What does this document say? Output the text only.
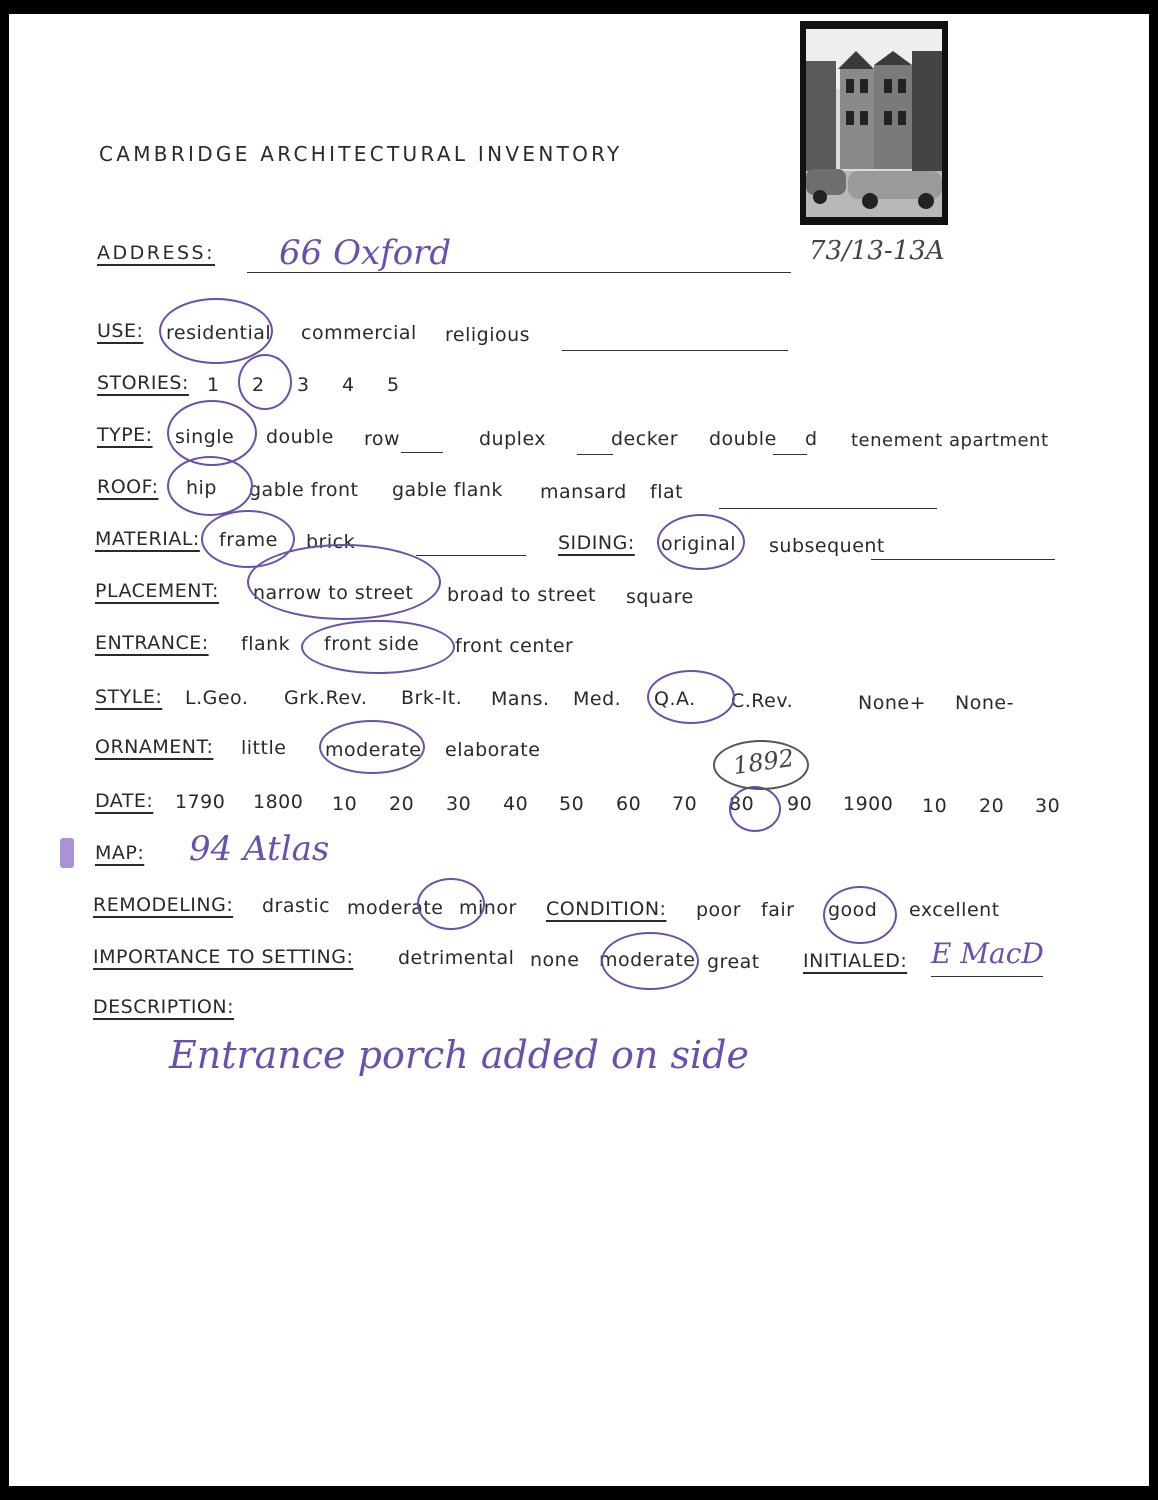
CAMBRIDGE ARCHITECTURAL INVENTORY
73/13-13A
ADDRESS: 66 Oxford
USE: residential commercial religious
STORIES: 1 2 3 4 5
TYPE: single double row	duplex	decker double d tenement apartment
ROOF: hip gable front gable flank mansard flat
MATERIAL: frame brick	SIDING: original subsequent
PLACEMENT: narrow to street broad to street square
ENTRANCE: flank front side front center
STYLE: L.Geo. Grk.Rev. Brk-It. Mans. Med. Q.A. C.Rev.	None+ None-
ORNAMENT: little moderate elaborate
DATE: 1790 1800 10 20 30 40 50 60 70 80 90 1900 10 20 30
1892
MAP: 94 Atlas
REMODELING: drastic moderate minor CONDITION: poor fair good excellent
IMPORTANCE TO SETTING: detrimental none moderate great INITIALED: E MacD
DESCRIPTION:
Entrance porch added on side
